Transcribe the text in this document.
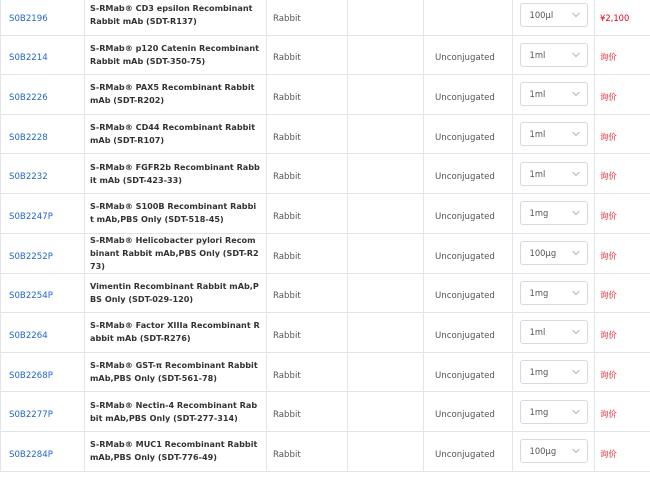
S0B2196	S-RMab® CD3 epsilon Recombinant Rabbit mAb (SDT-R137)	Rabbit			100µl	¥2,100
S0B2214	S-RMab® p120 Catenin Recombinant Rabbit mAb (SDT-350-75)	Rabbit		Unconjugated	1ml	询价
S0B2226	S-RMab® PAX5 Recombinant Rabbit mAb (SDT-R202)	Rabbit		Unconjugated	1ml	询价
S0B2228	S-RMab® CD44 Recombinant Rabbit mAb (SDT-R107)	Rabbit		Unconjugated	1ml	询价
S0B2232	S-RMab® FGFR2b Recombinant Rabbit mAb (SDT-423-33)	Rabbit		Unconjugated	1ml	询价
S0B2247P	S-RMab® S100B Recombinant Rabbit mAb,PBS Only (SDT-518-45)	Rabbit		Unconjugated	1mg	询价
S0B2252P	S-RMab® Helicobacter pylori Recombinant Rabbit mAb,PBS Only (SDT-R273)	Rabbit		Unconjugated	100µg	询价
S0B2254P	Vimentin Recombinant Rabbit mAb,PBS Only (SDT-029-120)	Rabbit		Unconjugated	1mg	询价
S0B2264	S-RMab® Factor XIIIa Recombinant Rabbit mAb (SDT-R276)	Rabbit		Unconjugated	1ml	询价
S0B2268P	S-RMab® GST-π Recombinant Rabbit mAb,PBS Only (SDT-561-78)	Rabbit		Unconjugated	1mg	询价
S0B2277P	S-RMab® Nectin-4 Recombinant Rabbit mAb,PBS Only (SDT-277-314)	Rabbit		Unconjugated	1mg	询价
S0B2284P	S-RMab® MUC1 Recombinant Rabbit mAb,PBS Only (SDT-776-49)	Rabbit		Unconjugated	100µg	询价
